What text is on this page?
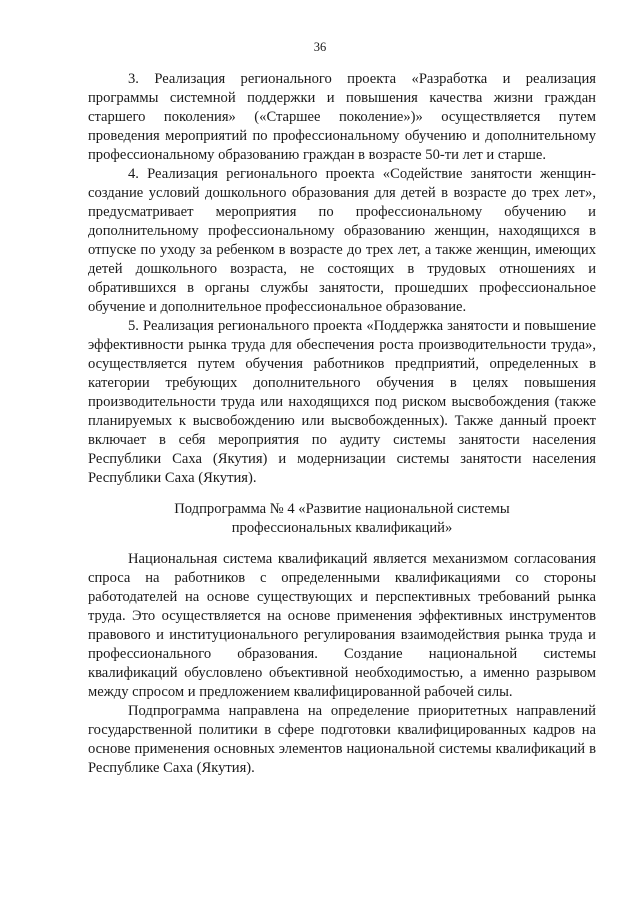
36

3. Реализация регионального проекта «Разработка и реализация программы системной поддержки и повышения качества жизни граждан старшего поколения» («Старшее поколение»)» осуществляется путем проведения мероприятий по профессиональному обучению и дополнительному профессиональному образованию граждан в возрасте 50-ти лет и старше.

4. Реализация регионального проекта «Содействие занятости женщин-создание условий дошкольного образования для детей в возрасте до трех лет», предусматривает мероприятия по профессиональному обучению и дополнительному профессиональному образованию женщин, находящихся в отпуске по уходу за ребенком в возрасте до трех лет, а также женщин, имеющих детей дошкольного возраста, не состоящих в трудовых отношениях и обратившихся в органы службы занятости, прошедших профессиональное обучение и дополнительное профессиональное образование.

5. Реализация регионального проекта «Поддержка занятости и повышение эффективности рынка труда для обеспечения роста производительности труда», осуществляется путем обучения работников предприятий, определенных в категории требующих дополнительного обучения в целях повышения производительности труда или находящихся под риском высвобождения (также планируемых к высвобождению или высвобожденных). Также данный проект включает в себя мероприятия по аудиту системы занятости населения Республики Саха (Якутия) и модернизации системы занятости населения Республики Саха (Якутия).

Подпрограмма № 4 «Развитие национальной системы
профессиональных квалификаций»

Национальная система квалификаций является механизмом согласования спроса на работников с определенными квалификациями со стороны работодателей на основе существующих и перспективных требований рынка труда. Это осуществляется на основе применения эффективных инструментов правового и институционального регулирования взаимодействия рынка труда и профессионального образования. Создание национальной системы квалификаций обусловлено объективной необходимостью, а именно разрывом между спросом и предложением квалифицированной рабочей силы.

Подпрограмма направлена на определение приоритетных направлений государственной политики в сфере подготовки квалифицированных кадров на основе применения основных элементов национальной системы квалификаций в Республике Саха (Якутия).
